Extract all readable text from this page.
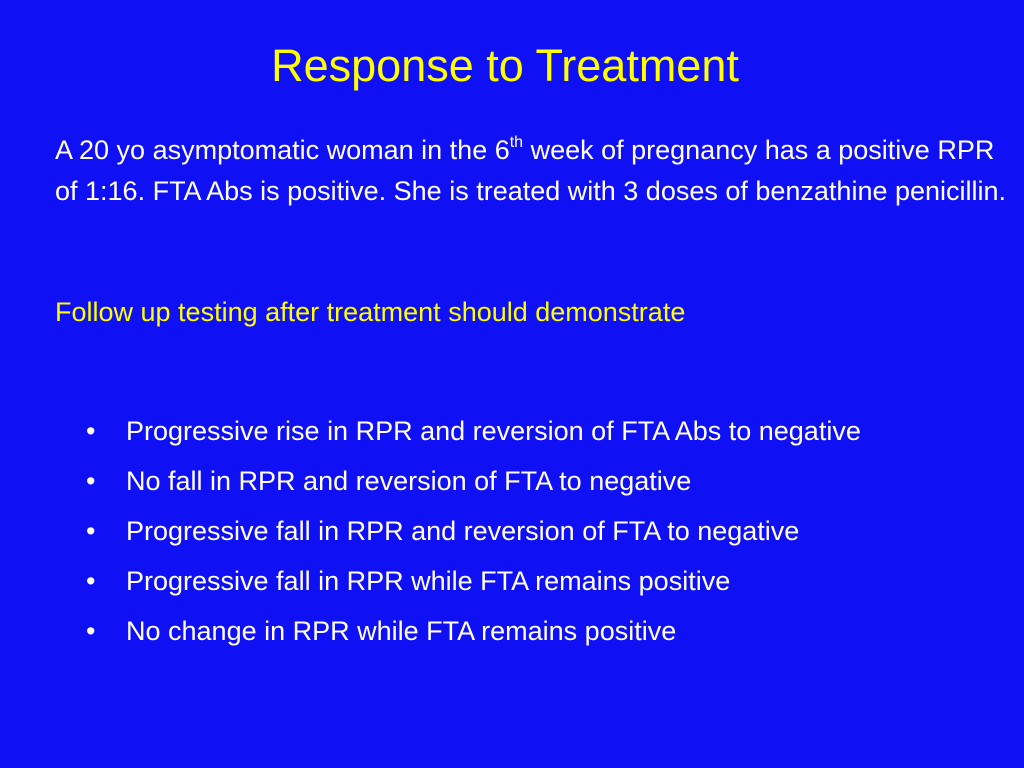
Response to Treatment

A 20 yo asymptomatic woman in the 6th week of pregnancy has a positive RPR of 1:16. FTA Abs is positive. She is treated with 3 doses of benzathine penicillin.

Follow up testing after treatment should demonstrate

•	Progressive rise in RPR and reversion of FTA Abs to negative
•	No fall in RPR and reversion of FTA to negative
•	Progressive fall in RPR and reversion of FTA to negative
•	Progressive fall in RPR while FTA remains positive
•	No change in RPR while FTA remains positive
